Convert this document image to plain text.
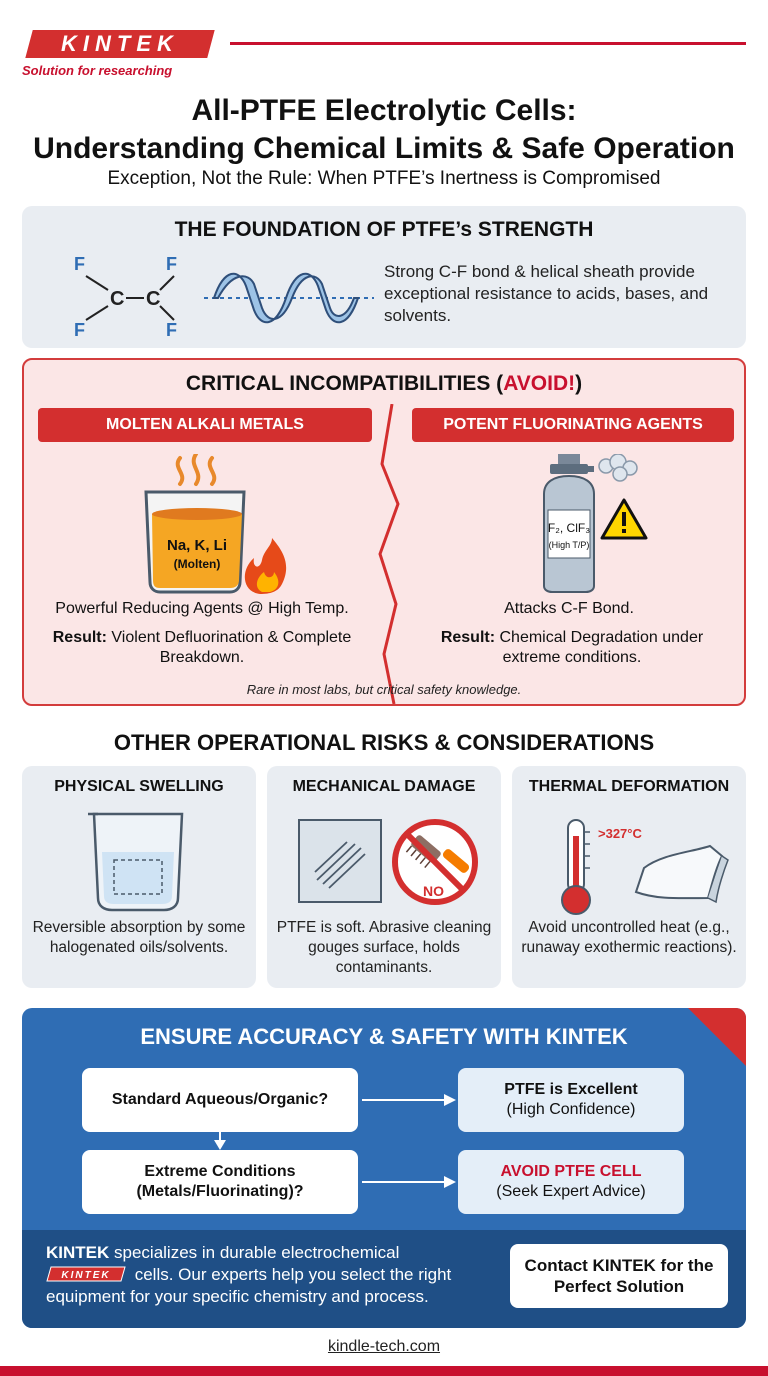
KINTEK
Solution for researching
All-PTFE Electrolytic Cells:
Understanding Chemical Limits & Safe Operation
Exception, Not the Rule: When PTFE’s Inertness is Compromised
THE FOUNDATION OF PTFE’s STRENGTH
F	F
F	F
C C
Strong C-F bond & helical sheath provide exceptional resistance to acids, bases, and solvents.
CRITICAL INCOMPATIBILITIES (AVOID!)
MOLTEN ALKALI METALS	POTENT FLUORINATING AGENTS
Na, K, Li
(Molten)
F₂, ClF₃
(High T/P)
Powerful Reducing Agents @ High Temp.
Result: Violent Defluorination & Complete Breakdown.
Attacks C-F Bond.
Result: Chemical Degradation under extreme conditions.
Rare in most labs, but critical safety knowledge.
OTHER OPERATIONAL RISKS & CONSIDERATIONS
PHYSICAL SWELLING
Reversible absorption by some halogenated oils/solvents.
MECHANICAL DAMAGE
NO
PTFE is soft. Abrasive cleaning gouges surface, holds contaminants.
THERMAL DEFORMATION
>327°C
Avoid uncontrolled heat (e.g., runaway exothermic reactions).
ENSURE ACCURACY & SAFETY WITH KINTEK
Standard Aqueous/Organic?
PTFE is Excellent
(High Confidence)
Extreme Conditions
(Metals/Fluorinating)?
AVOID PTFE CELL
(Seek Expert Advice)
KINTEK specializes in durable electrochemical

KINTEK cells. Our experts help you select the right equipment for your specific chemistry and process.
Contact KINTEK for the Perfect Solution
kindle-tech.com
